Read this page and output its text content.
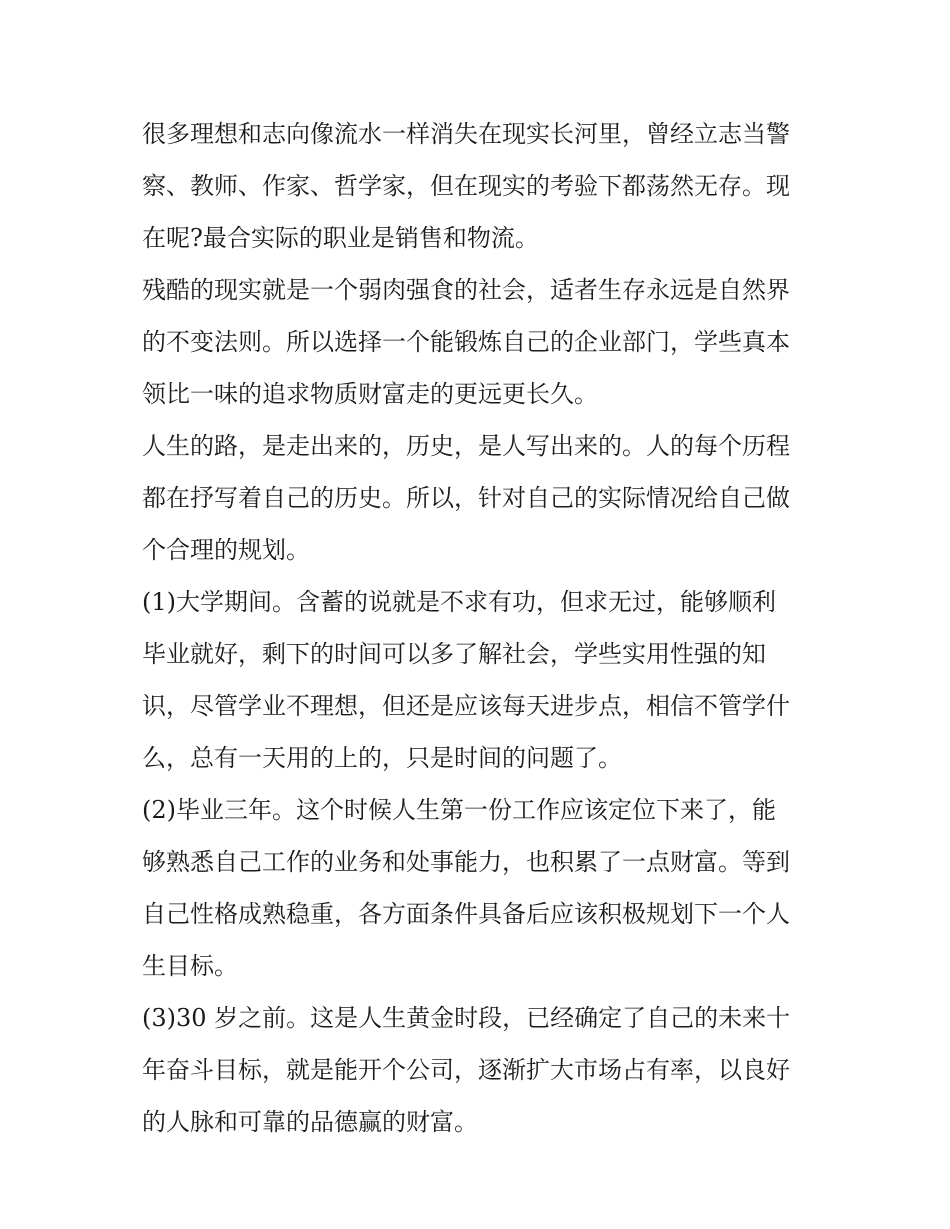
很多理想和志向像流水一样消失在现实长河里，曾经立志当警
察、教师、作家、哲学家，但在现实的考验下都荡然无存。现
在呢?最合实际的职业是销售和物流。
残酷的现实就是一个弱肉强食的社会，适者生存永远是自然界
的不变法则。所以选择一个能锻炼自己的企业部门，学些真本
领比一味的追求物质财富走的更远更长久。
人生的路，是走出来的，历史，是人写出来的。人的每个历程
都在抒写着自己的历史。所以，针对自己的实际情况给自己做
个合理的规划。
(1)大学期间。含蓄的说就是不求有功，但求无过，能够顺利
毕业就好，剩下的时间可以多了解社会，学些实用性强的知
识，尽管学业不理想，但还是应该每天进步点，相信不管学什
么，总有一天用的上的，只是时间的问题了。
(2)毕业三年。这个时候人生第一份工作应该定位下来了，能
够熟悉自己工作的业务和处事能力，也积累了一点财富。等到
自己性格成熟稳重，各方面条件具备后应该积极规划下一个人
生目标。
(3)30 岁之前。这是人生黄金时段，已经确定了自己的未来十
年奋斗目标，就是能开个公司，逐渐扩大市场占有率，以良好
的人脉和可靠的品德赢的财富。
